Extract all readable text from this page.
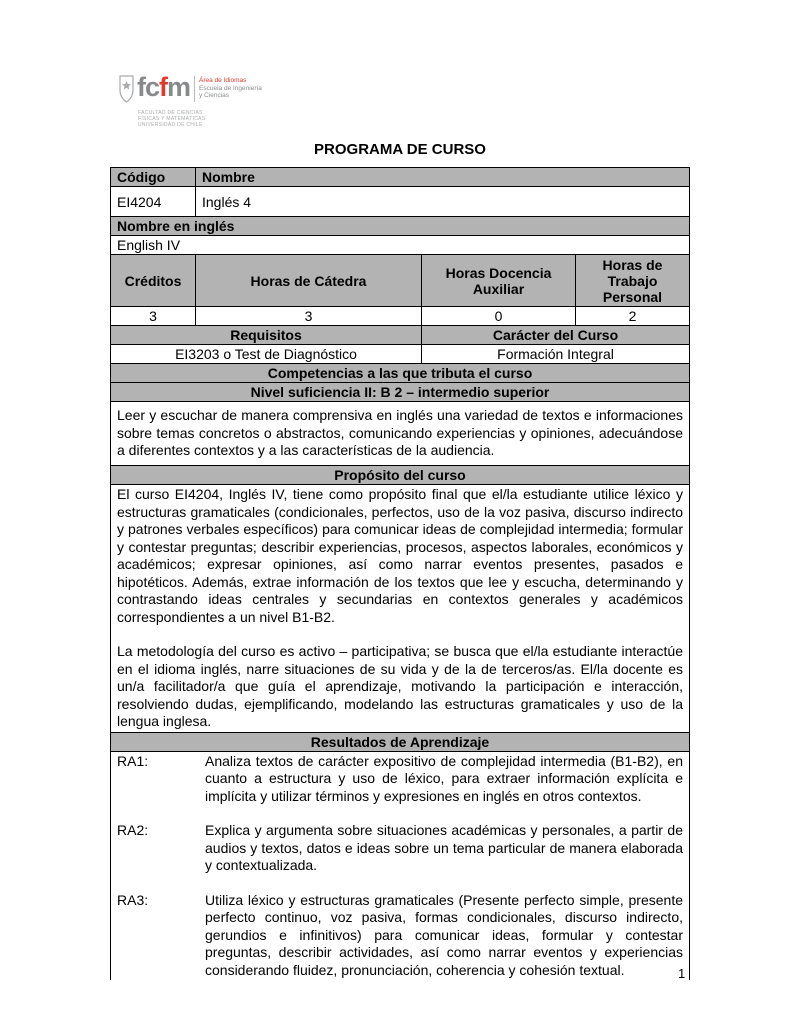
fcfm Área de Idiomas
Escuela de Ingeniería
y Ciencias
FACULTAD DE CIENCIAS
FÍSICAS Y MATEMÁTICAS
UNIVERSIDAD DE CHILE
PROGRAMA DE CURSO
Código	Nombre		
EI4204	Inglés 4		
Nombre en inglés			
English IV			
Créditos	Horas de Cátedra	Horas Docencia Auxiliar	Horas de Trabajo Personal
3	3	0	2
Requisitos		Carácter del Curso	
EI3203 o Test de Diagnóstico		Formación Integral	
Competencias a las que tributa el curso			
Nivel suficiencia II: B 2 – intermedio superior			
Leer y escuchar de manera comprensiva en inglés una variedad de textos e informaciones sobre temas concretos o abstractos, comunicando experiencias y opiniones, adecuándose a diferentes contextos y a las características de la audiencia.			
Propósito del curso			

El curso EI4204, Inglés IV, tiene como propósito final que el/la estudiante utilice léxico y estructuras gramaticales (condicionales, perfectos, uso de la voz pasiva, discurso indirecto y patrones verbales específicos) para comunicar ideas de complejidad intermedia; formular y contestar preguntas; describir experiencias, procesos, aspectos laborales, económicos y académicos; expresar opiniones, así como narrar eventos presentes, pasados e hipotéticos. Además, extrae información de los textos que lee y escucha, determinando y contrastando ideas centrales y secundarias en contextos generales y académicos correspondientes a un nivel B1-B2.

La metodología del curso es activo – participativa; se busca que el/la estudiante interactúe en el idioma inglés, narre situaciones de su vida y de la de terceros/as. El/la docente es un/a facilitador/a que guía el aprendizaje, motivando la participación e interacción, resolviendo dudas, ejemplificando, modelando las estructuras gramaticales y uso de la lengua inglesa.			

Resultados de Aprendizaje			

RA1:	Analiza textos de carácter expositivo de complejidad intermedia (B1-B2), en cuanto a estructura y uso de léxico, para extraer información explícita e implícita y utilizar términos y expresiones en inglés en otros contextos.
RA2:	Explica y argumenta sobre situaciones académicas y personales, a partir de audios y textos, datos e ideas sobre un tema particular de manera elaborada y contextualizada.
RA3:	Utiliza léxico y estructuras gramaticales (Presente perfecto simple, presente perfecto continuo, voz pasiva, formas condicionales, discurso indirecto, gerundios e infinitivos) para comunicar ideas, formular y contestar preguntas, describir actividades, así como narrar eventos y experiencias considerando fluidez, pronunciación, coherencia y cohesión textual.	1
